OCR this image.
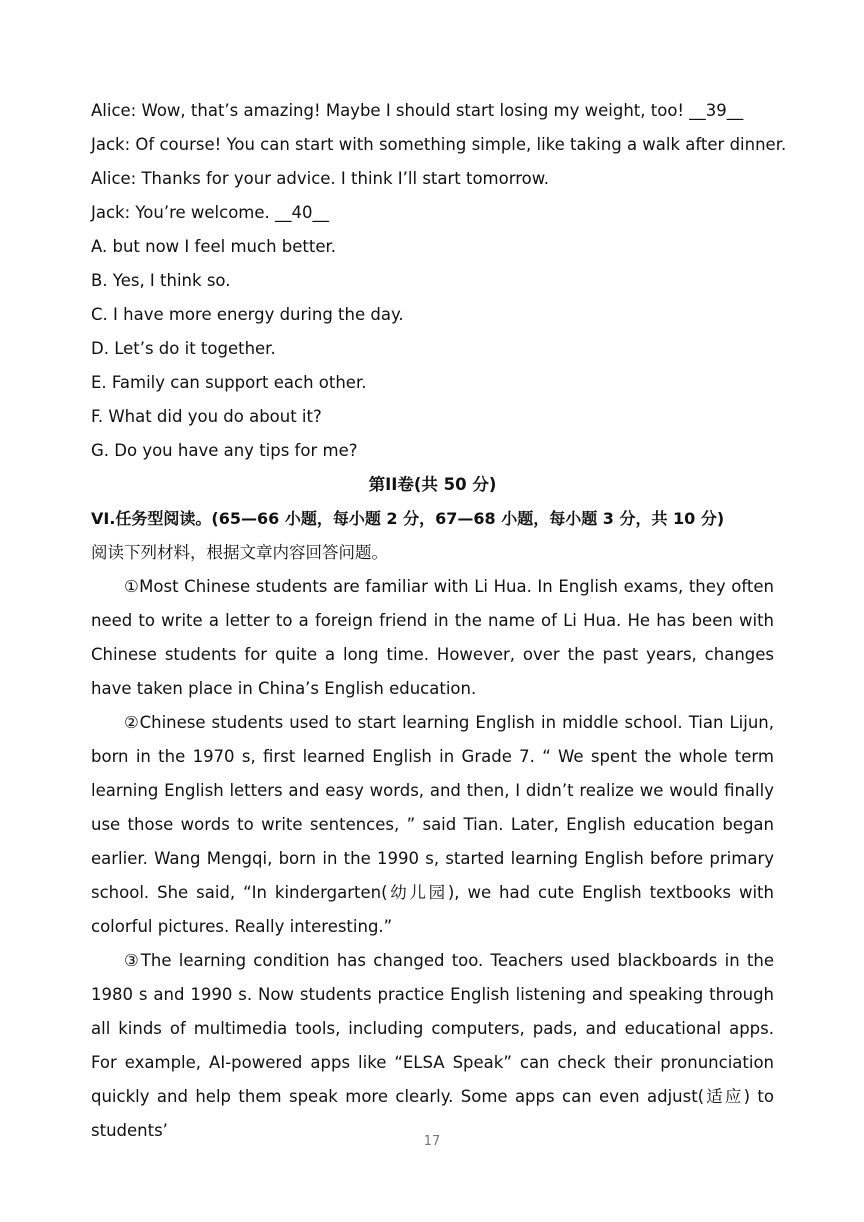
Alice: Wow, that’s amazing! Maybe I should start losing my weight, too! __39__
Jack: Of course! You can start with something simple, like taking a walk after dinner.
Alice: Thanks for your advice. I think I’ll start tomorrow.
Jack: You’re welcome. __40__
A. but now I feel much better.
B. Yes, I think so.
C. I have more energy during the day.
D. Let’s do it together.
E. Family can support each other.
F. What did you do about it?
G. Do you have any tips for me?
第II卷(共 50 分)
VI.任务型阅读。(65—66 小题，每小题 2 分，67—68 小题，每小题 3 分，共 10 分)
阅读下列材料，根据文章内容回答问题。

①Most Chinese students are familiar with Li Hua. In English exams, they often need to write a letter to a foreign friend in the name of Li Hua. He has been with Chinese students for quite a long time. However, over the past years, changes have taken place in China’s English education.

②Chinese students used to start learning English in middle school. Tian Lijun, born in the 1970 s, first learned English in Grade 7. “ We spent the whole term learning English letters and easy words, and then, I didn’t realize we would finally use those words to write sentences, ” said Tian. Later, English education began earlier. Wang Mengqi, born in the 1990 s, started learning English before primary school. She said, “In kindergarten(幼儿园), we had cute English textbooks with colorful pictures. Really interesting.”

③The learning condition has changed too. Teachers used blackboards in the 1980 s and 1990 s. Now students practice English listening and speaking through all kinds of multimedia tools, including computers, pads, and educational apps. For example, AI-powered apps like “ELSA Speak” can check their pronunciation quickly and help them speak more clearly. Some apps can even adjust(适应) to students’

17
